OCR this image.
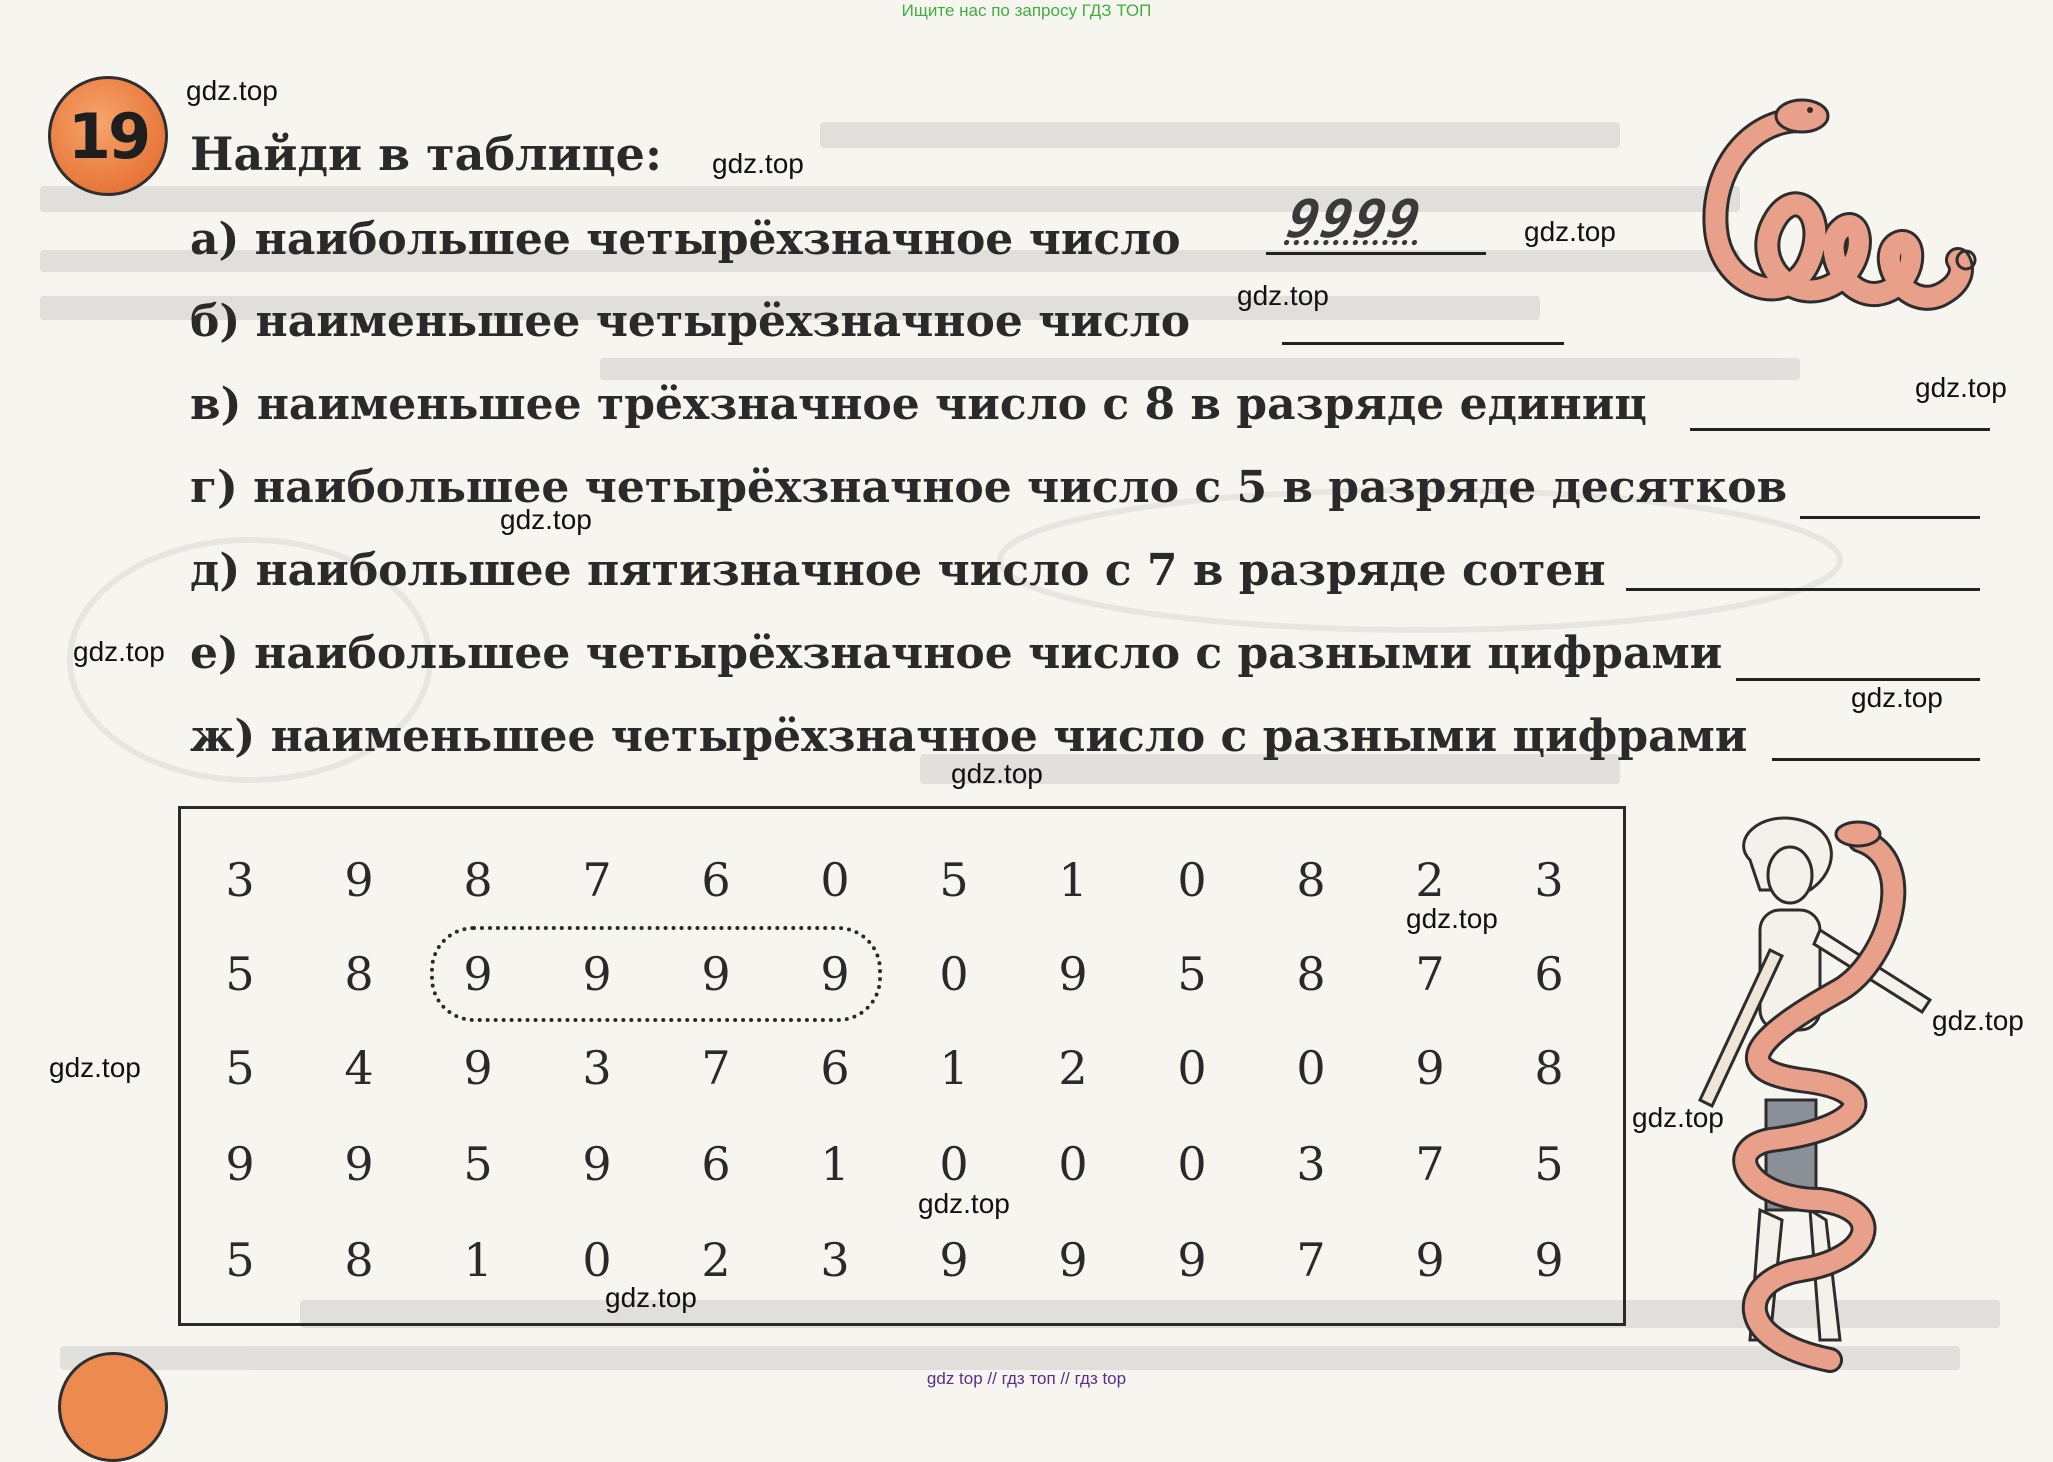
Ищите нас по запросу ГДЗ ТОП
19 Найди в таблице:
а) наибольшее четырёхзначное число
б) наименьшее четырёхзначное число
в) наименьшее трёхзначное число с 8 в разряде единиц
г) наибольшее четырёхзначное число с 5 в разряде десятков
д) наибольшее пятизначное число с 7 в разряде сотен
е) наибольшее четырёхзначное число с разными цифрами
ж) наименьшее четырёхзначное число с разными цифрами
9999
3	9	8	7	6	0	5	1	0	8	2	3
5	8	9	9	9	9	0	9	5	8	7	6
5	4	9	3	7	6	1	2	0	0	9	8
9	9	5	9	6	1	0	0	0	3	7	5
5	8	1	0	2	3	9	9	9	7	9	9
gdz.top
gdz.top
gdz.top
gdz.top
gdz.top
gdz.top
gdz.top
gdz.top
gdz.top
gdz.top
gdz.top
gdz.top
gdz.top
gdz.top
gdz.top
gdz top // гдз топ // гдз top
